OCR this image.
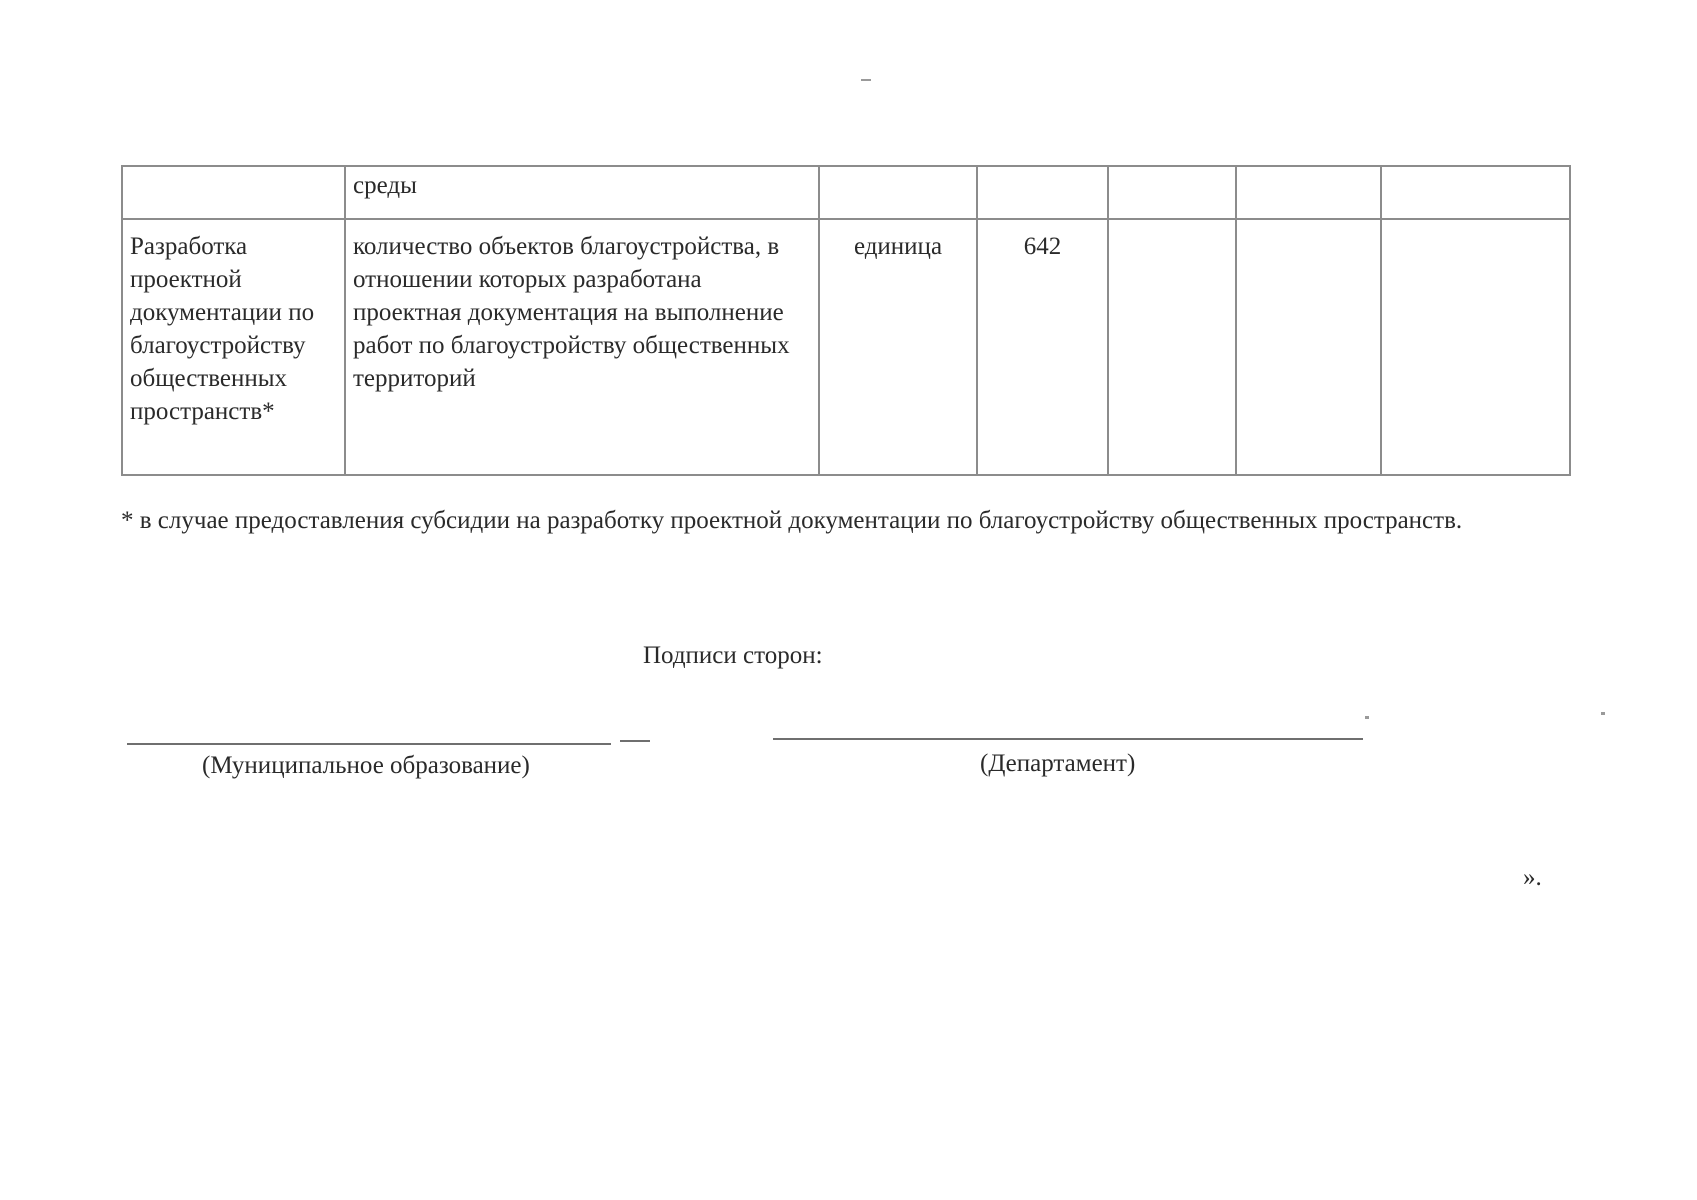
	среды					
Разработка проектной документации по благоустройству общественных пространств*	количество объектов благоустройства, в отношении которых разработана проектная документация на выполнение работ по благоустройству общественных территорий	единица	642			
* в случае предоставления субсидии на разработку проектной документации по благоустройству общественных пространств.
Подписи сторон:
(Муниципальное образование)	(Департамент)
».
